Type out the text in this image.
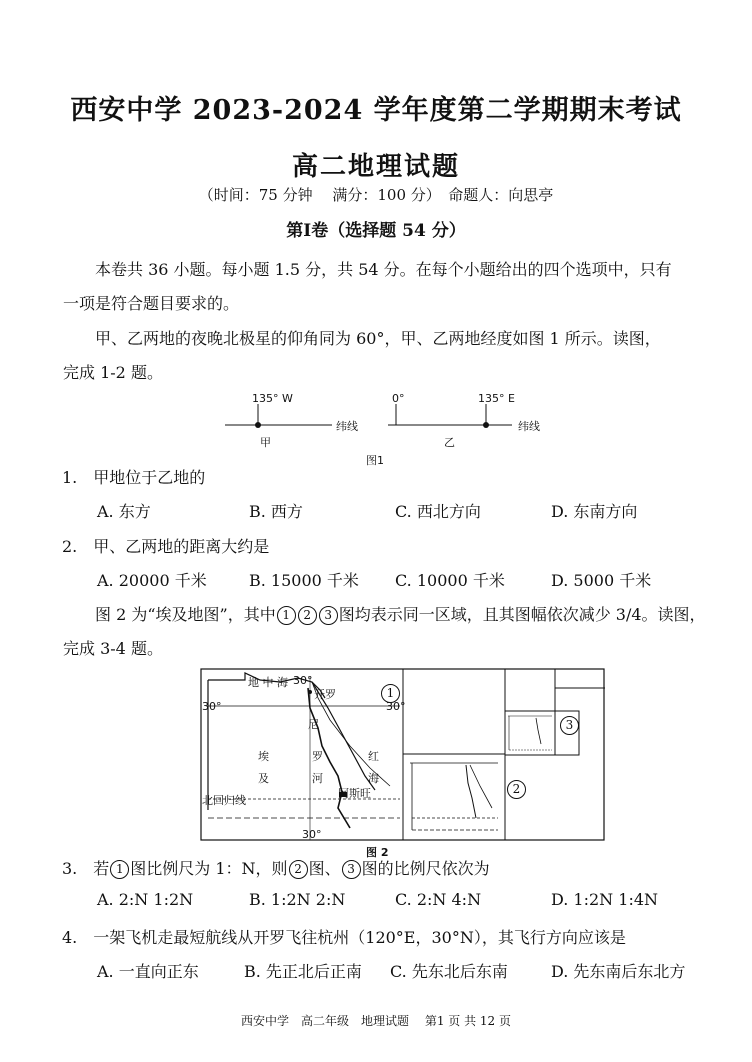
西安中学 2023-2024 学年度第二学期期末考试
高二地理试题
（时间：75 分钟　 满分：100 分）　命题人：向思亭
第Ⅰ卷（选择题 54 分）
本卷共 36 小题。每小题 1.5 分，共 54 分。在每个小题给出的四个选项中，只有
一项是符合题目要求的。
甲、乙两地的夜晚北极星的仰角同为 60°，甲、乙两地经度如图 1 所示。读图，
完成 1-2 题。
135° W	0°	135° E
纬线	纬线
甲	乙
图1
1.　甲地位于乙地的
A. 东方	B. 西方	C. 西北方向	D. 东南方向
2.　甲、乙两地的距离大约是
A. 20000 千米	B. 15000 千米 C. 10000 千米	D. 5000 千米
图 2 为“埃及地图”，其中 1 2 3 图均表示同一区域，且其图幅依次减少 3/4。读图，
完成 3-4 题。
地 中 海 30°
30°	30°
30°
开罗
埃
及
尼
罗
河
红
海
阿斯旺
北回归线
1
2
3
图 2
3.　若 1 图比例尺为 1：N，则 2 图、 3 图的比例尺依次为
A. 2:N 1:2N	B. 1:2N 2:N	C. 2:N 4:N	D. 1:2N 1:4N
4.　一架飞机走最短航线从开罗飞往杭州（120°E，30°N），其飞行方向应该是
A. 一直向正东	B. 先正北后正南 C. 先东北后东南	D. 先东南后东北方
西安中学　高二年级　地理试题　 第1 页 共 12 页
